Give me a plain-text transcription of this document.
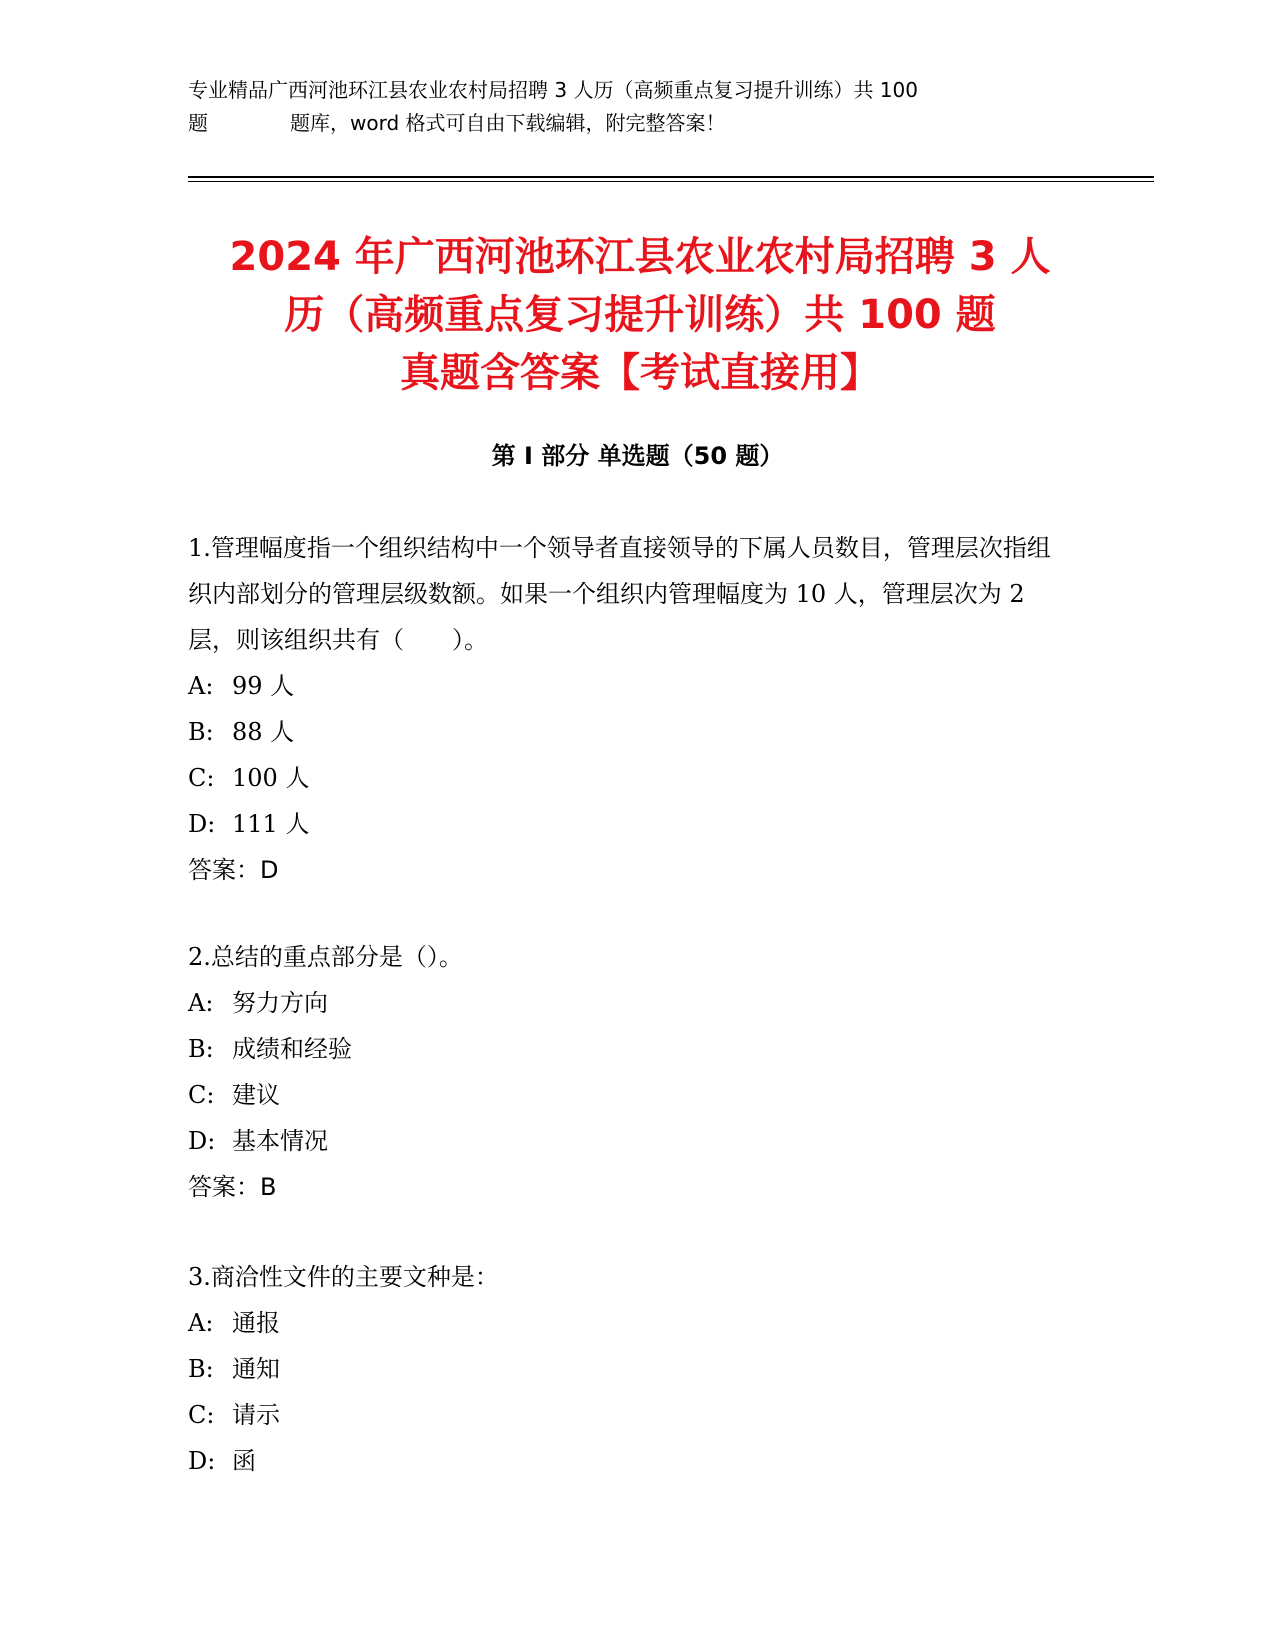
专业精品广西河池环江县农业农村局招聘 3 人历（高频重点复习提升训练）共 100
题	题库，word 格式可自由下载编辑，附完整答案！
2024 年广西河池环江县农业农村局招聘 3 人
历（高频重点复习提升训练）共 100 题
真题含答案【考试直接用】
第 I 部分 单选题（50 题）
1.管理幅度指一个组织结构中一个领导者直接领导的下属人员数目，管理层次指组织内部划分的管理层级数额。如果一个组织内管理幅度为 10 人，管理层次为 2 层，则该组织共有（　　）。
A: 99 人
B: 88 人
C: 100 人
D: 111 人
答案：D
2.总结的重点部分是（）。
A: 努力方向
B: 成绩和经验
C: 建议
D: 基本情况
答案：B
3.商洽性文件的主要文种是：
A: 通报
B: 通知
C: 请示
D: 函
